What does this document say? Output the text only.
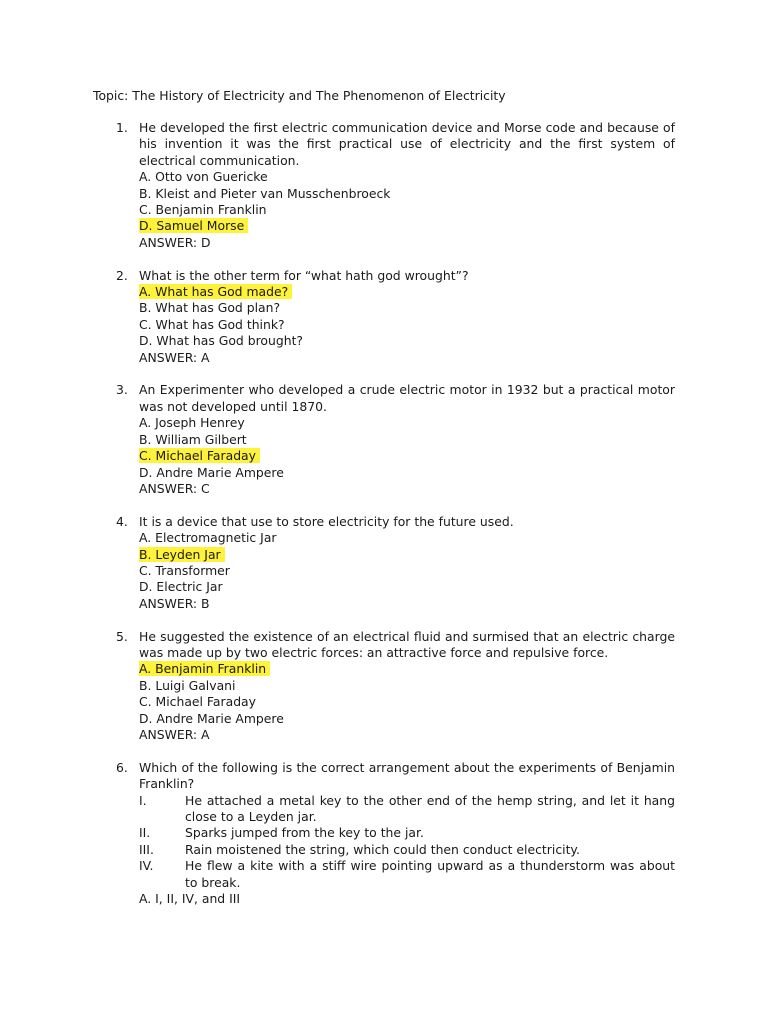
Topic: The History of Electricity and The Phenomenon of Electricity
1. He developed the first electric communication device and Morse code and because of his invention it was the first practical use of electricity and the first system of electrical communication.
A. Otto von Guericke
B. Kleist and Pieter van Musschenbroeck
C. Benjamin Franklin
D. Samuel Morse
ANSWER: D
2. What is the other term for “what hath god wrought”?
A. What has God made?
B. What has God plan?
C. What has God think?
D. What has God brought?
ANSWER: A
3. An Experimenter who developed a crude electric motor in 1932 but a practical motor was not developed until 1870.
A. Joseph Henrey
B. William Gilbert
C. Michael Faraday
D. Andre Marie Ampere
ANSWER: C
4. It is a device that use to store electricity for the future used.
A. Electromagnetic Jar
B. Leyden Jar
C. Transformer
D. Electric Jar
ANSWER: B
5. He suggested the existence of an electrical fluid and surmised that an electric charge was made up by two electric forces: an attractive force and repulsive force.
A. Benjamin Franklin
B. Luigi Galvani
C. Michael Faraday
D. Andre Marie Ampere
ANSWER: A
6. Which of the following is the correct arrangement about the experiments of Benjamin Franklin?
I.	He attached a metal key to the other end of the hemp string, and let it hang close to a Leyden jar.
II.	Sparks jumped from the key to the jar.
III.	Rain moistened the string, which could then conduct electricity.
IV.	He flew a kite with a stiff wire pointing upward as a thunderstorm was about to break.
A. I, II, IV, and III
